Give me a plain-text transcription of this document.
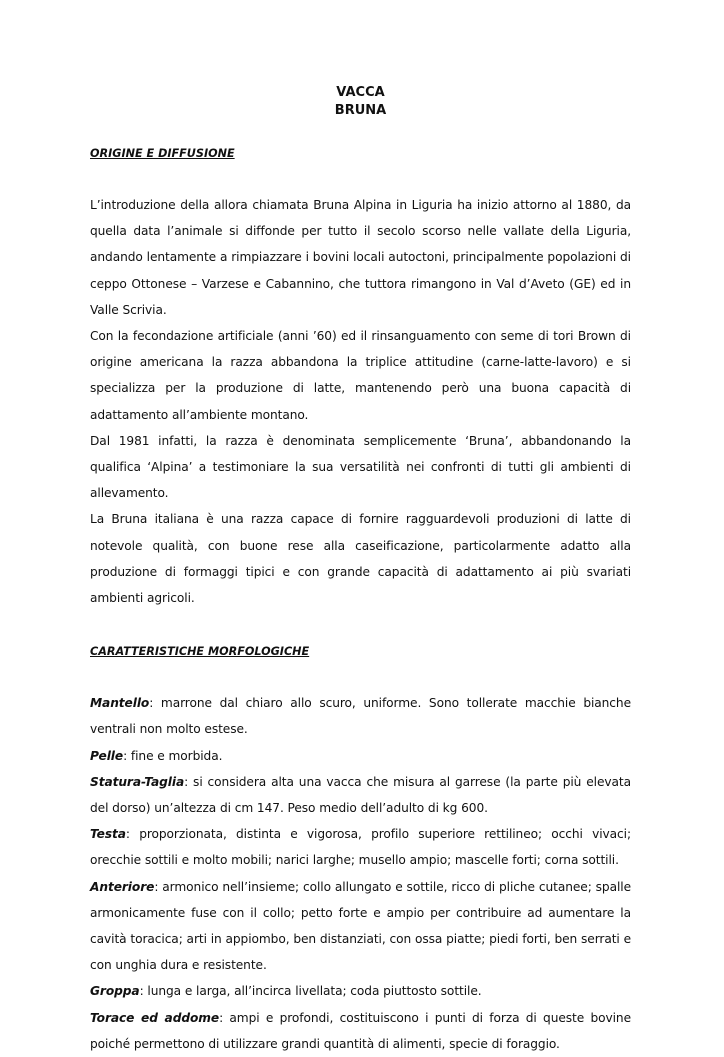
VACCA
BRUNA

ORIGINE E DIFFUSIONE

L’introduzione della allora chiamata Bruna Alpina in Liguria ha inizio attorno al 1880, da quella data l’animale si diffonde per tutto il secolo scorso nelle vallate della Liguria, andando lentamente a rimpiazzare i bovini locali autoctoni, principalmente popolazioni di ceppo Ottonese – Varzese e Cabannino, che tuttora rimangono in Val d’Aveto (GE) ed in Valle Scrivia.

Con la fecondazione artificiale (anni ’60) ed il rinsanguamento con seme di tori Brown di origine americana la razza abbandona la triplice attitudine (carne-latte-lavoro) e si specializza per la produzione di latte, mantenendo però una buona capacità di adattamento all’ambiente montano.

Dal 1981 infatti, la razza è denominata semplicemente ‘Bruna’, abbandonando la qualifica ‘Alpina’ a testimoniare la sua versatilità nei confronti di tutti gli ambienti di allevamento.

La Bruna italiana è una razza capace di fornire ragguardevoli produzioni di latte di notevole qualità, con buone rese alla caseificazione, particolarmente adatto alla produzione di formaggi tipici e con grande capacità di adattamento ai più svariati ambienti agricoli.

CARATTERISTICHE MORFOLOGICHE

Mantello: marrone dal chiaro allo scuro, uniforme. Sono tollerate macchie bianche ventrali non molto estese.

Pelle: fine e morbida.

Statura-Taglia: si considera alta una vacca che misura al garrese (la parte più elevata del dorso) un’altezza di cm 147. Peso medio dell’adulto di kg 600.

Testa: proporzionata, distinta e vigorosa, profilo superiore rettilineo; occhi vivaci; orecchie sottili e molto mobili; narici larghe; musello ampio; mascelle forti; corna sottili.

Anteriore: armonico nell’insieme; collo allungato e sottile, ricco di pliche cutanee; spalle armonicamente fuse con il collo; petto forte e ampio per contribuire ad aumentare la cavità toracica; arti in appiombo, ben distanziati, con ossa piatte; piedi forti, ben serrati e con unghia dura e resistente.

Groppa: lunga e larga, all’incirca livellata; coda piuttosto sottile.

Torace ed addome: ampi e profondi, costituiscono i punti di forza di queste bovine poiché permettono di utilizzare grandi quantità di alimenti, specie di foraggio.
